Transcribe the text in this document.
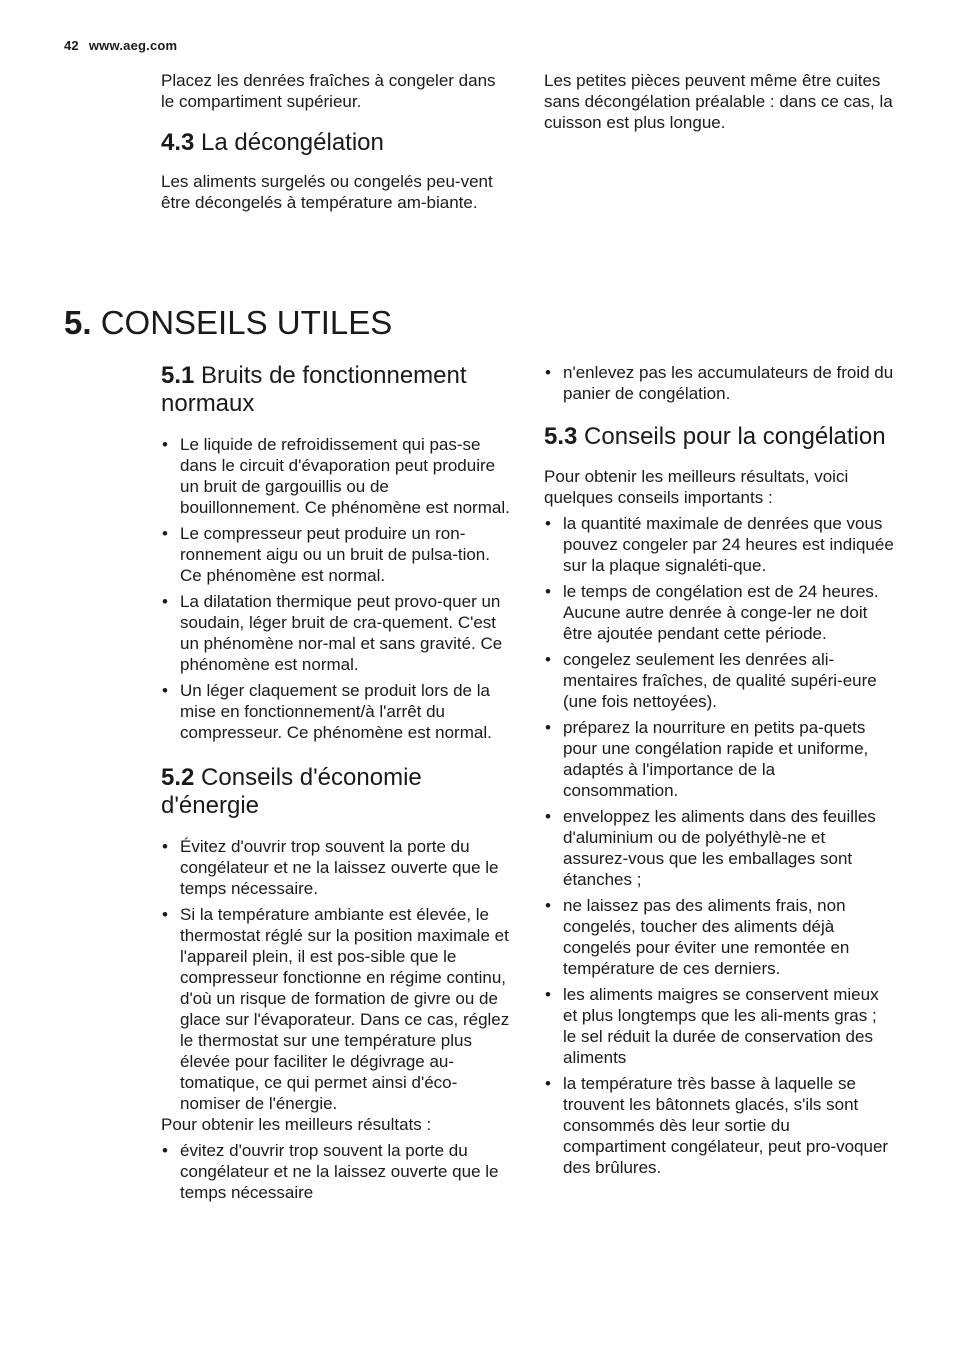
42 www.aeg.com

Placez les denrées fraîches à congeler dans le compartiment supérieur.

4.3 La décongélation

Les aliments surgelés ou congelés peu-vent être décongelés à température am-biante.

Les petites pièces peuvent même être cuites sans décongélation préalable : dans ce cas, la cuisson est plus longue.

5. CONSEILS UTILES
5.1 Bruits de fonctionnement normaux
• Le liquide de refroidissement qui pas-se dans le circuit d'évaporation peut produire un bruit de gargouillis ou de bouillonnement. Ce phénomène est normal.
• Le compresseur peut produire un ron-ronnement aigu ou un bruit de pulsa-tion. Ce phénomène est normal.
• La dilatation thermique peut provo-quer un soudain, léger bruit de cra-quement. C'est un phénomène nor-mal et sans gravité. Ce phénomène est normal.
• Un léger claquement se produit lors de la mise en fonctionnement/à l'arrêt du compresseur. Ce phénomène est normal.
5.2 Conseils d'économie d'énergie
• Évitez d'ouvrir trop souvent la porte du congélateur et ne la laissez ouverte que le temps nécessaire.
• Si la température ambiante est élevée, le thermostat réglé sur la position maximale et l'appareil plein, il est pos-sible que le compresseur fonctionne en régime continu, d'où un risque de formation de givre ou de glace sur l'évaporateur. Dans ce cas, réglez le thermostat sur une température plus élevée pour faciliter le dégivrage au-tomatique, ce qui permet ainsi d'éco-nomiser de l'énergie.

Pour obtenir les meilleurs résultats :

• évitez d'ouvrir trop souvent la porte du congélateur et ne la laissez ouverte que le temps nécessaire
• n'enlevez pas les accumulateurs de froid du panier de congélation.
5.3 Conseils pour la congélation

Pour obtenir les meilleurs résultats, voici quelques conseils importants :

• la quantité maximale de denrées que vous pouvez congeler par 24 heures est indiquée sur la plaque signaléti-que.
• le temps de congélation est de 24 heures. Aucune autre denrée à conge-ler ne doit être ajoutée pendant cette période.
• congelez seulement les denrées ali-mentaires fraîches, de qualité supéri-eure (une fois nettoyées).
• préparez la nourriture en petits pa-quets pour une congélation rapide et uniforme, adaptés à l'importance de la consommation.
• enveloppez les aliments dans des feuilles d'aluminium ou de polyéthylè-ne et assurez-vous que les emballages sont étanches ;
• ne laissez pas des aliments frais, non congelés, toucher des aliments déjà congelés pour éviter une remontée en température de ces derniers.
• les aliments maigres se conservent mieux et plus longtemps que les ali-ments gras ; le sel réduit la durée de conservation des aliments
• la température très basse à laquelle se trouvent les bâtonnets glacés, s'ils sont consommés dès leur sortie du compartiment congélateur, peut pro-voquer des brûlures.
